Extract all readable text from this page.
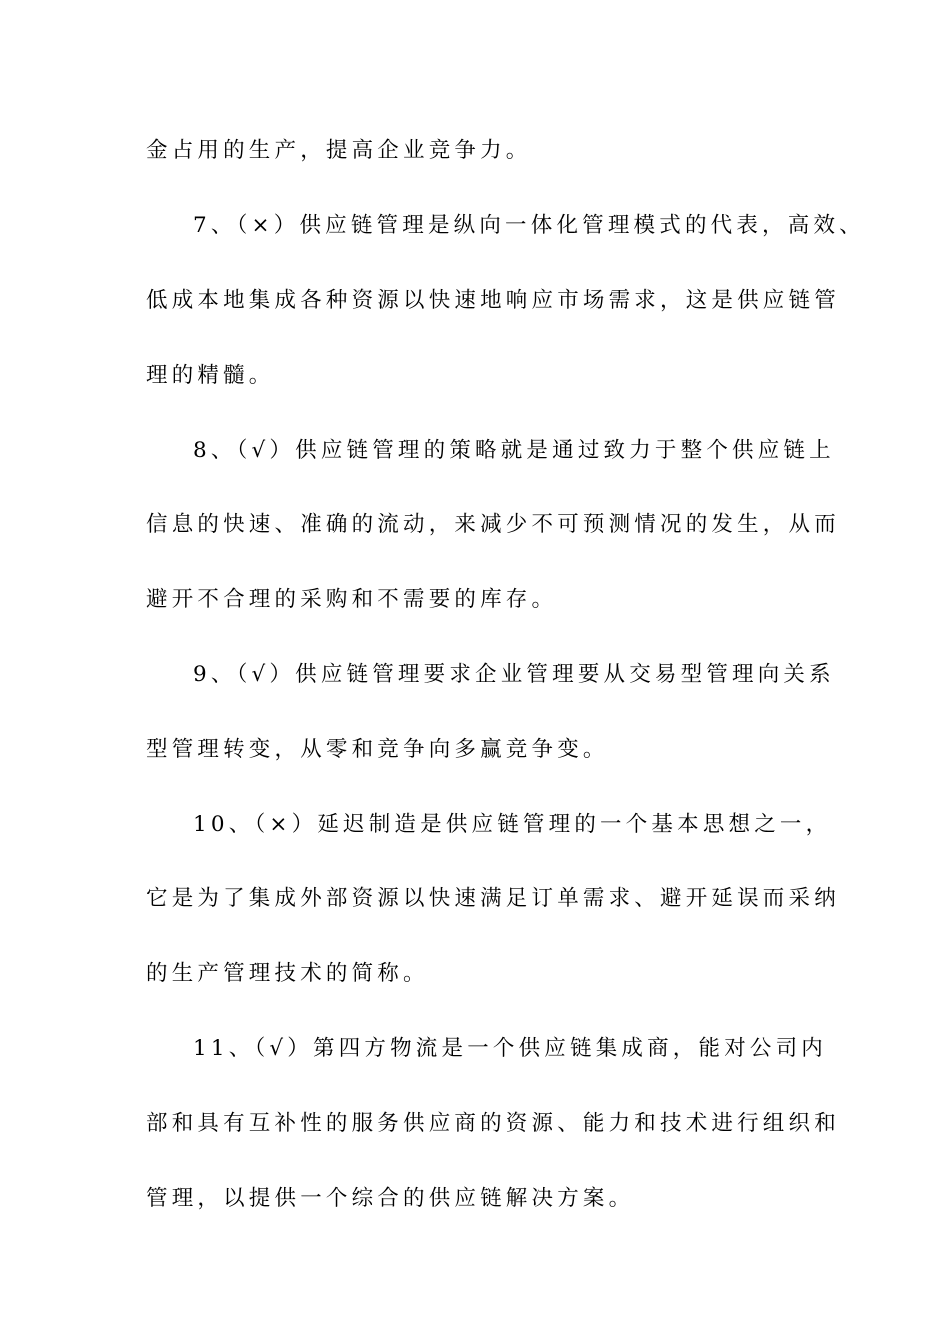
金占用的生产，提高企业竞争力。
7、（×）供应链管理是纵向一体化管理模式的代表，高效、
低成本地集成各种资源以快速地响应市场需求，这是供应链管
理的精髓。
8、（√）供应链管理的策略就是通过致力于整个供应链上
信息的快速、准确的流动，来减少不可预测情况的发生，从而
避开不合理的采购和不需要的库存。
9、（√）供应链管理要求企业管理要从交易型管理向关系
型管理转变，从零和竞争向多赢竞争变。
10、（×）延迟制造是供应链管理的一个基本思想之一，
它是为了集成外部资源以快速满足订单需求、避开延误而采纳
的生产管理技术的简称。
11、（√）第四方物流是一个供应链集成商，能对公司内
部和具有互补性的服务供应商的资源、能力和技术进行组织和
管理，以提供一个综合的供应链解决方案。
